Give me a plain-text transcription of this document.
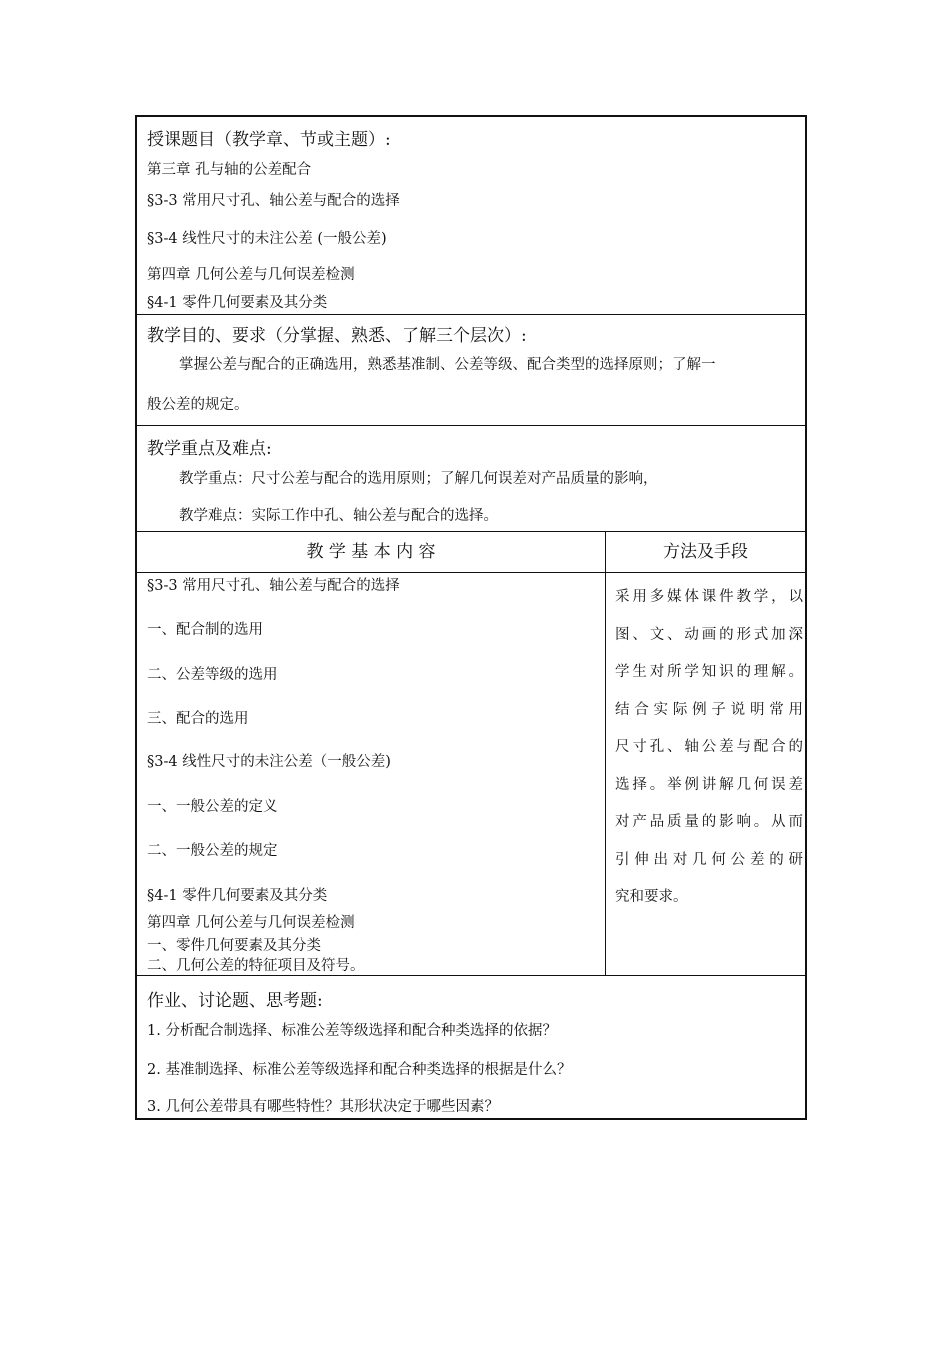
授课题目（教学章、节或主题）:
第三章 孔与轴的公差配合
§3-3 常用尺寸孔、轴公差与配合的选择
§3-4 线性尺寸的未注公差 (一般公差)
第四章 几何公差与几何误差检测
§4-1 零件几何要素及其分类
教学目的、要求（分掌握、熟悉、了解三个层次）:
掌握公差与配合的正确选用，熟悉基准制、公差等级、配合类型的选择原则；了解一
般公差的规定。
教学重点及难点:
教学重点：尺寸公差与配合的选用原则；了解几何误差对产品质量的影响，
教学难点：实际工作中孔、轴公差与配合的选择。
教 学 基 本 内 容	方法及手段
§3-3 常用尺寸孔、轴公差与配合的选择
一、配合制的选用
二、公差等级的选用
三、配合的选用
§3-4 线性尺寸的未注公差（一般公差)
一、一般公差的定义
二、一般公差的规定
§4-1 零件几何要素及其分类
第四章 几何公差与几何误差检测
一、零件几何要素及其分类
二、几何公差的特征项目及符号。
采用多媒体课件教学，以
图、文、动画的形式加深
学生对所学知识的理解。
结合实际例子说明常用
尺寸孔、轴公差与配合的
选择。举例讲解几何误差
对产品质量的影响。从而
引伸出对几何公差的研
究和要求。
作业、讨论题、思考题:
1. 分析配合制选择、标准公差等级选择和配合种类选择的依据？
2. 基准制选择、标准公差等级选择和配合种类选择的根据是什么？
3. 几何公差带具有哪些特性？其形状决定于哪些因素？
